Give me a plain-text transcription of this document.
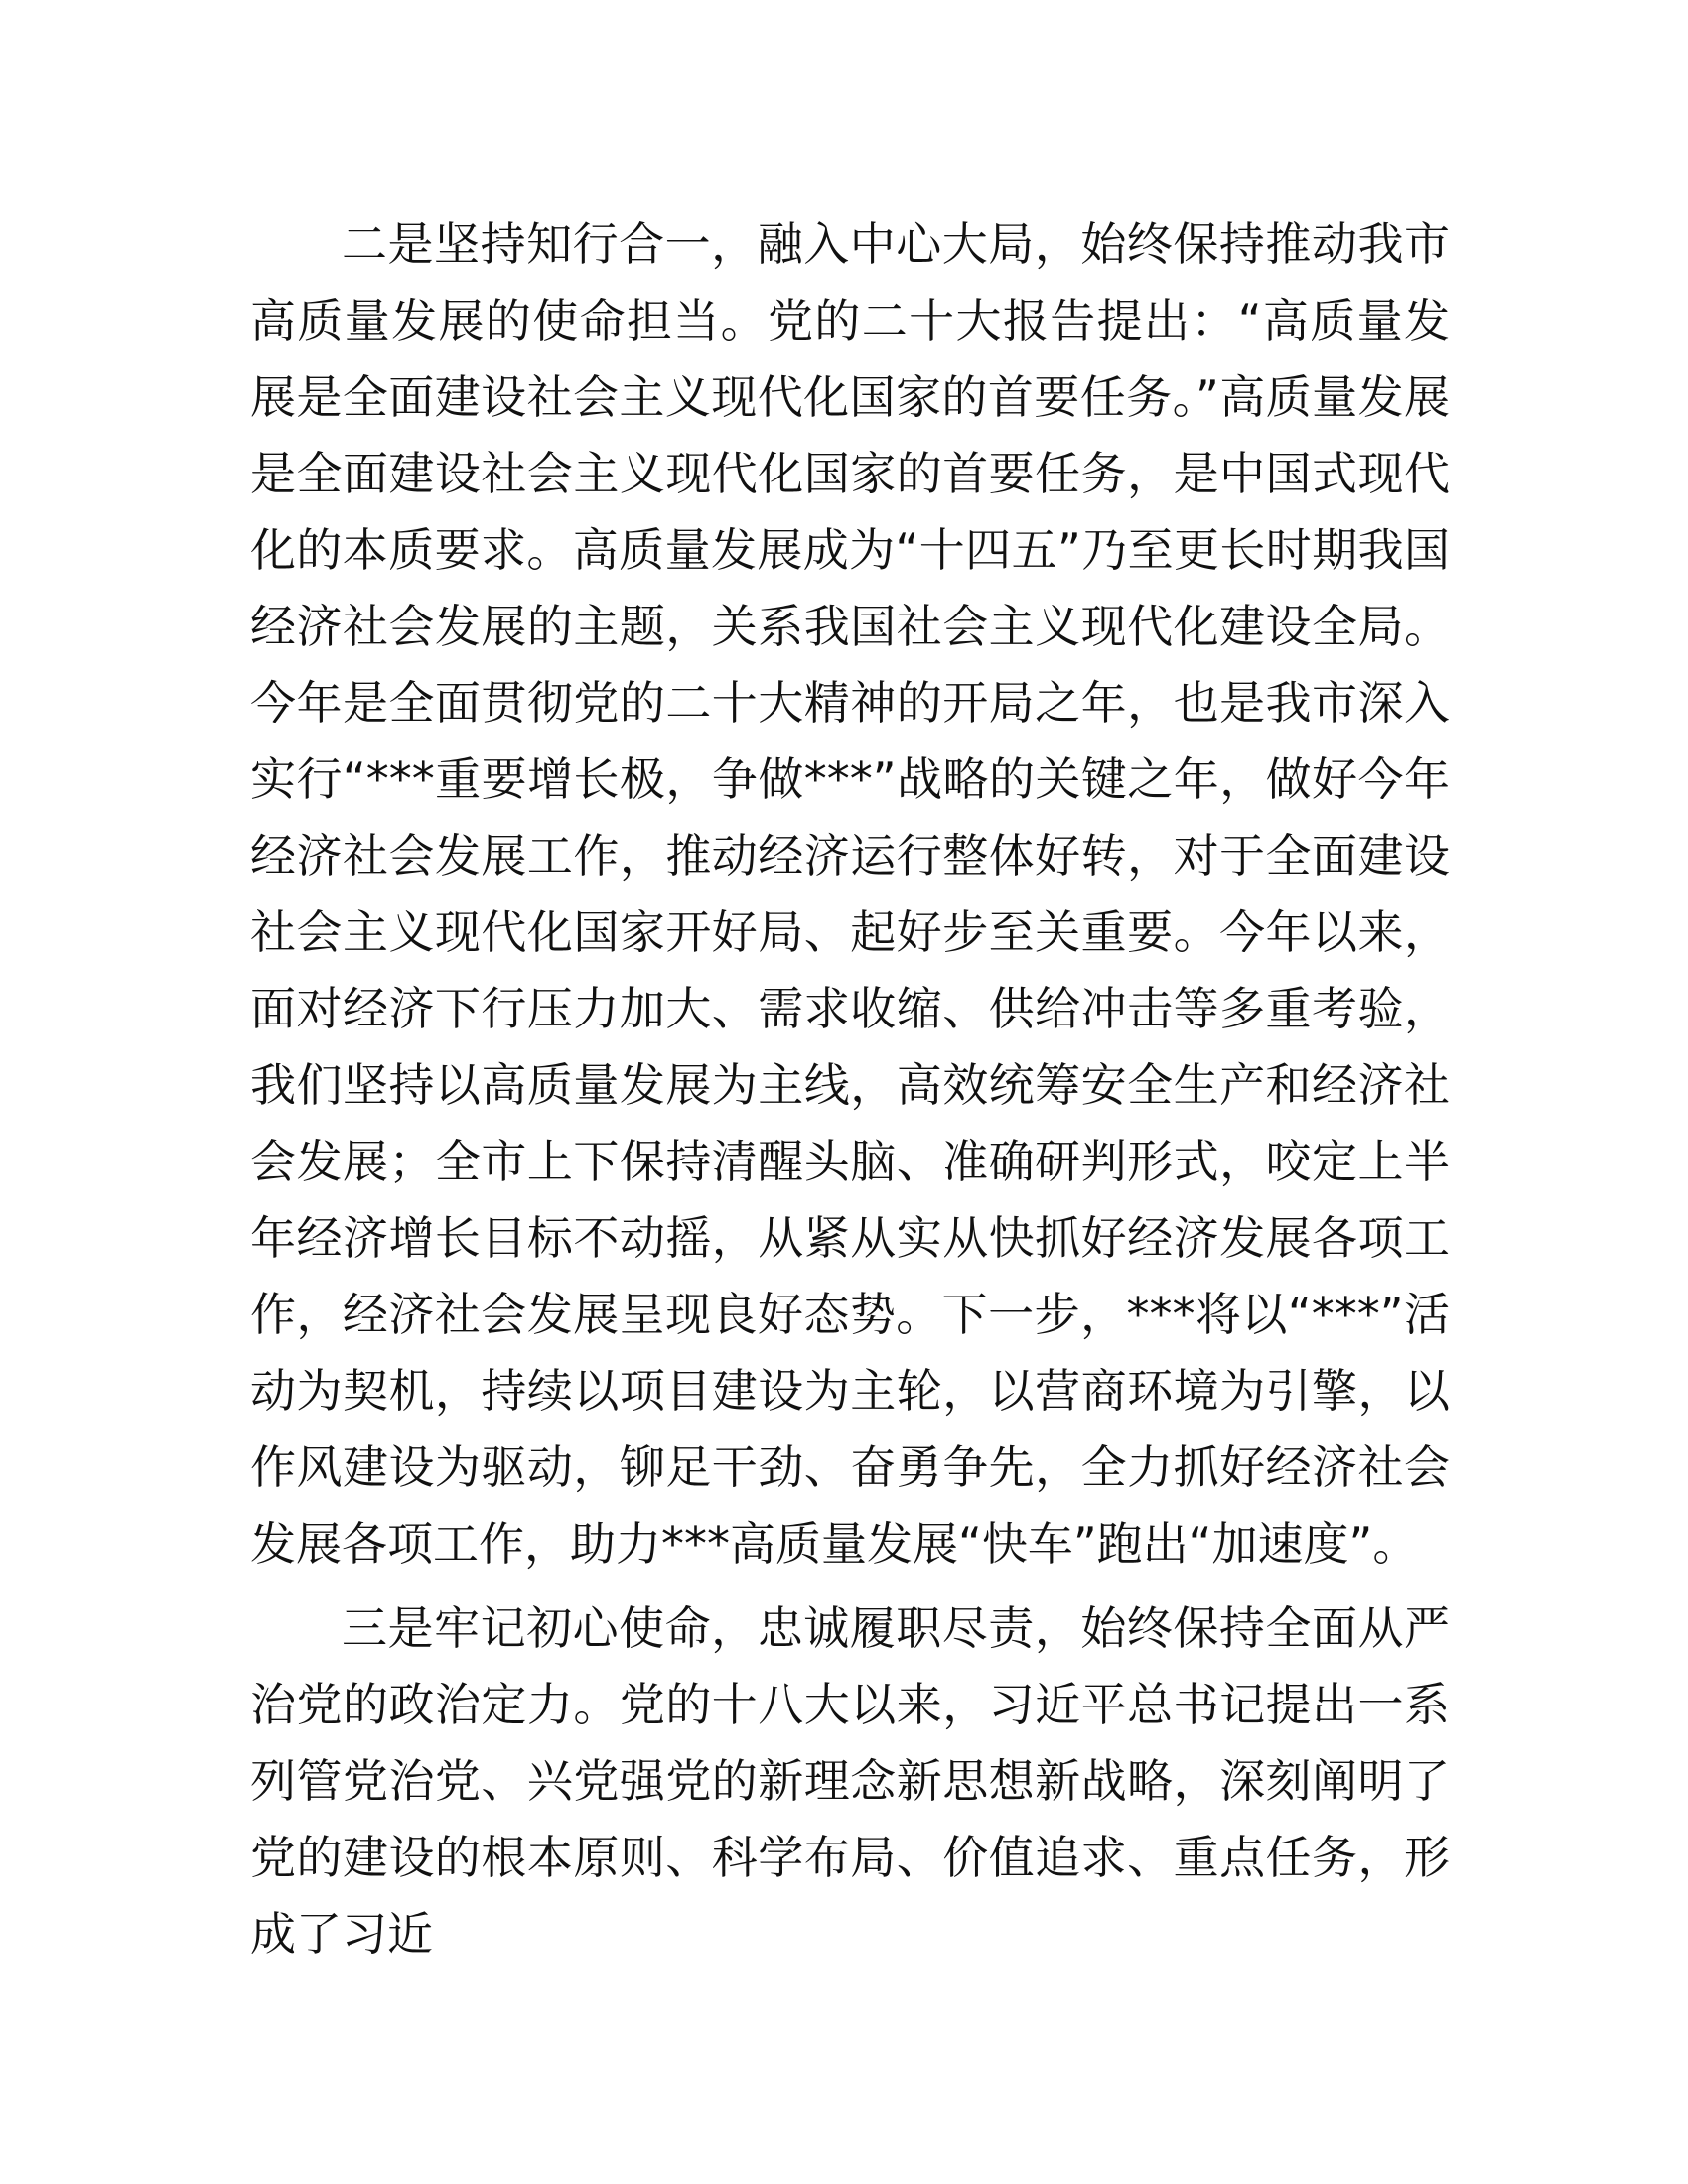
二是坚持知行合一，融入中心大局，始终保持推动我市高质量发展的使命担当。党的二十大报告提出：“高质量发展是全面建设社会主义现代化国家的首要任务。”高质量发展是全面建设社会主义现代化国家的首要任务，是中国式现代化的本质要求。高质量发展成为“十四五”乃至更长时期我国经济社会发展的主题，关系我国社会主义现代化建设全局。今年是全面贯彻党的二十大精神的开局之年，也是我市深入实行“***重要增长极，争做***”战略的关键之年，做好今年经济社会发展工作，推动经济运行整体好转，对于全面建设社会主义现代化国家开好局、起好步至关重要。今年以来，面对经济下行压力加大、需求收缩、供给冲击等多重考验，我们坚持以高质量发展为主线，高效统筹安全生产和经济社会发展；全市上下保持清醒头脑、准确研判形式，咬定上半年经济增长目标不动摇，从紧从实从快抓好经济发展各项工作，经济社会发展呈现良好态势。下一步，***将以“***”活动为契机，持续以项目建设为主轮，以营商环境为引擎，以作风建设为驱动，铆足干劲、奋勇争先，全力抓好经济社会发展各项工作，助力***高质量发展“快车”跑出“加速度”。

三是牢记初心使命，忠诚履职尽责，始终保持全面从严治党的政治定力。党的十八大以来，习近平总书记提出一系列管党治党、兴党强党的新理念新思想新战略，深刻阐明了党的建设的根本原则、科学布局、价值追求、重点任务，形成了习近
